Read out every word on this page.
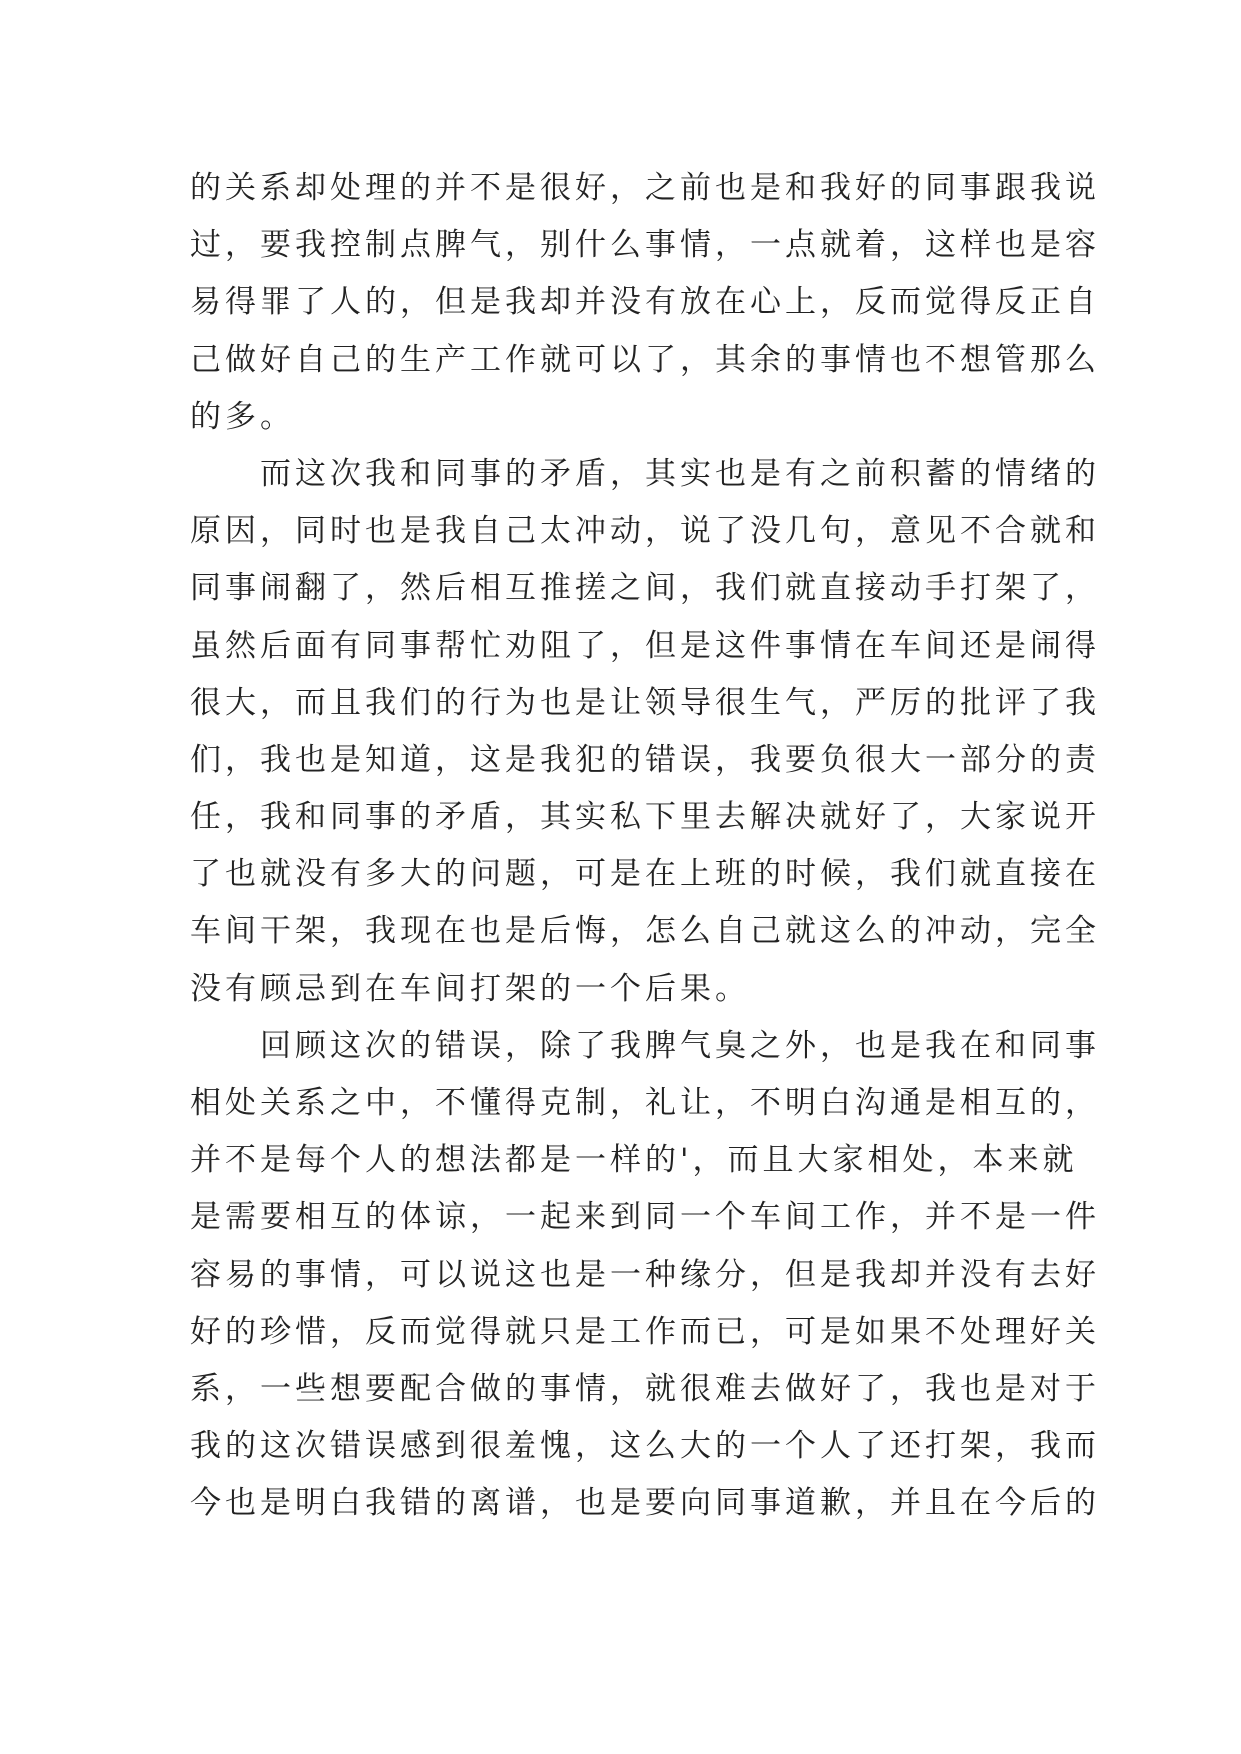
的关系却处理的并不是很好，之前也是和我好的同事跟我说
过，要我控制点脾气，别什么事情，一点就着，这样也是容
易得罪了人的，但是我却并没有放在心上，反而觉得反正自
己做好自己的生产工作就可以了，其余的事情也不想管那么
的多。
　　而这次我和同事的矛盾，其实也是有之前积蓄的情绪的
原因，同时也是我自己太冲动，说了没几句，意见不合就和
同事闹翻了，然后相互推搓之间，我们就直接动手打架了，
虽然后面有同事帮忙劝阻了，但是这件事情在车间还是闹得
很大，而且我们的行为也是让领导很生气，严厉的批评了我
们，我也是知道，这是我犯的错误，我要负很大一部分的责
任，我和同事的矛盾，其实私下里去解决就好了，大家说开
了也就没有多大的问题，可是在上班的时候，我们就直接在
车间干架，我现在也是后悔，怎么自己就这么的冲动，完全
没有顾忌到在车间打架的一个后果。
　　回顾这次的错误，除了我脾气臭之外，也是我在和同事
相处关系之中，不懂得克制，礼让，不明白沟通是相互的，
并不是每个人的想法都是一样的'，而且大家相处，本来就
是需要相互的体谅，一起来到同一个车间工作，并不是一件
容易的事情，可以说这也是一种缘分，但是我却并没有去好
好的珍惜，反而觉得就只是工作而已，可是如果不处理好关
系，一些想要配合做的事情，就很难去做好了，我也是对于
我的这次错误感到很羞愧，这么大的一个人了还打架，我而
今也是明白我错的离谱，也是要向同事道歉，并且在今后的
